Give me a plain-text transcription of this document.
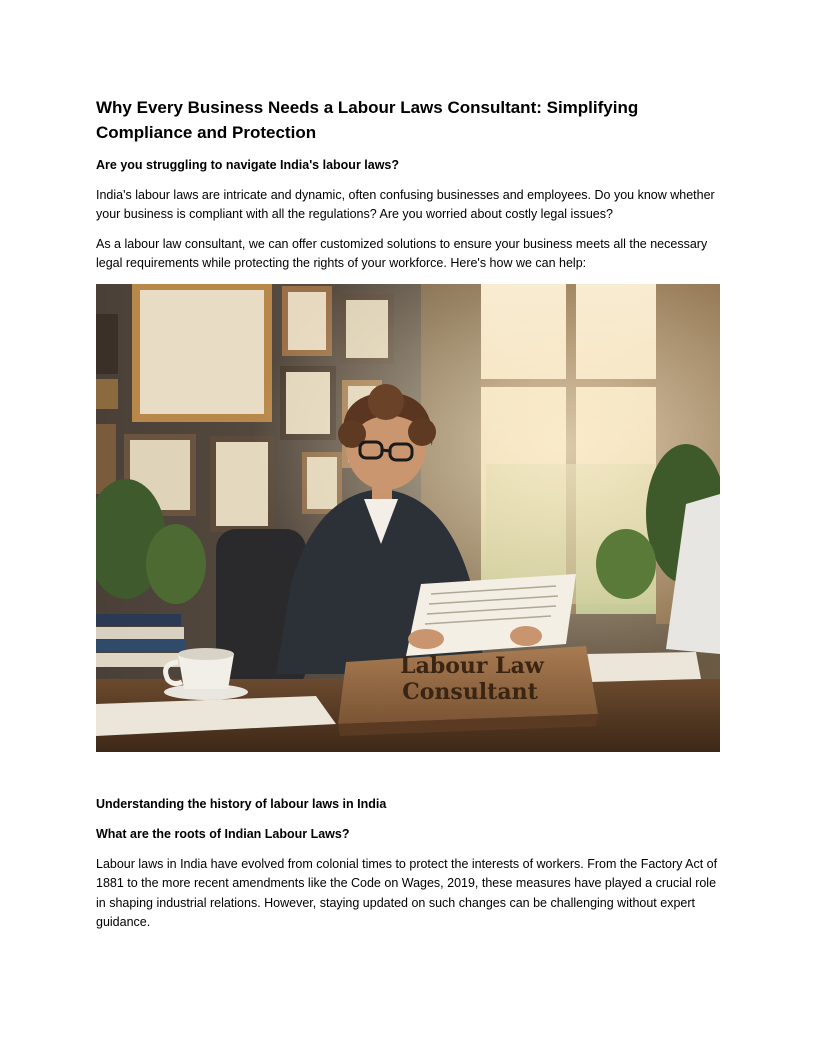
Why Every Business Needs a Labour Laws Consultant: Simplifying Compliance and Protection
Are you struggling to navigate India's labour laws?

India's labour laws are intricate and dynamic, often confusing businesses and employees. Do you know whether your business is compliant with all the regulations? Are you worried about costly legal issues?

As a labour law consultant, we can offer customized solutions to ensure your business meets all the necessary legal requirements while protecting the rights of your workforce. Here's how we can help:

Labour Law
Consultant
Understanding the history of labour laws in India
What are the roots of Indian Labour Laws?

Labour laws in India have evolved from colonial times to protect the interests of workers. From the Factory Act of 1881 to the more recent amendments like the Code on Wages, 2019, these measures have played a crucial role in shaping industrial relations. However, staying updated on such changes can be challenging without expert guidance.
